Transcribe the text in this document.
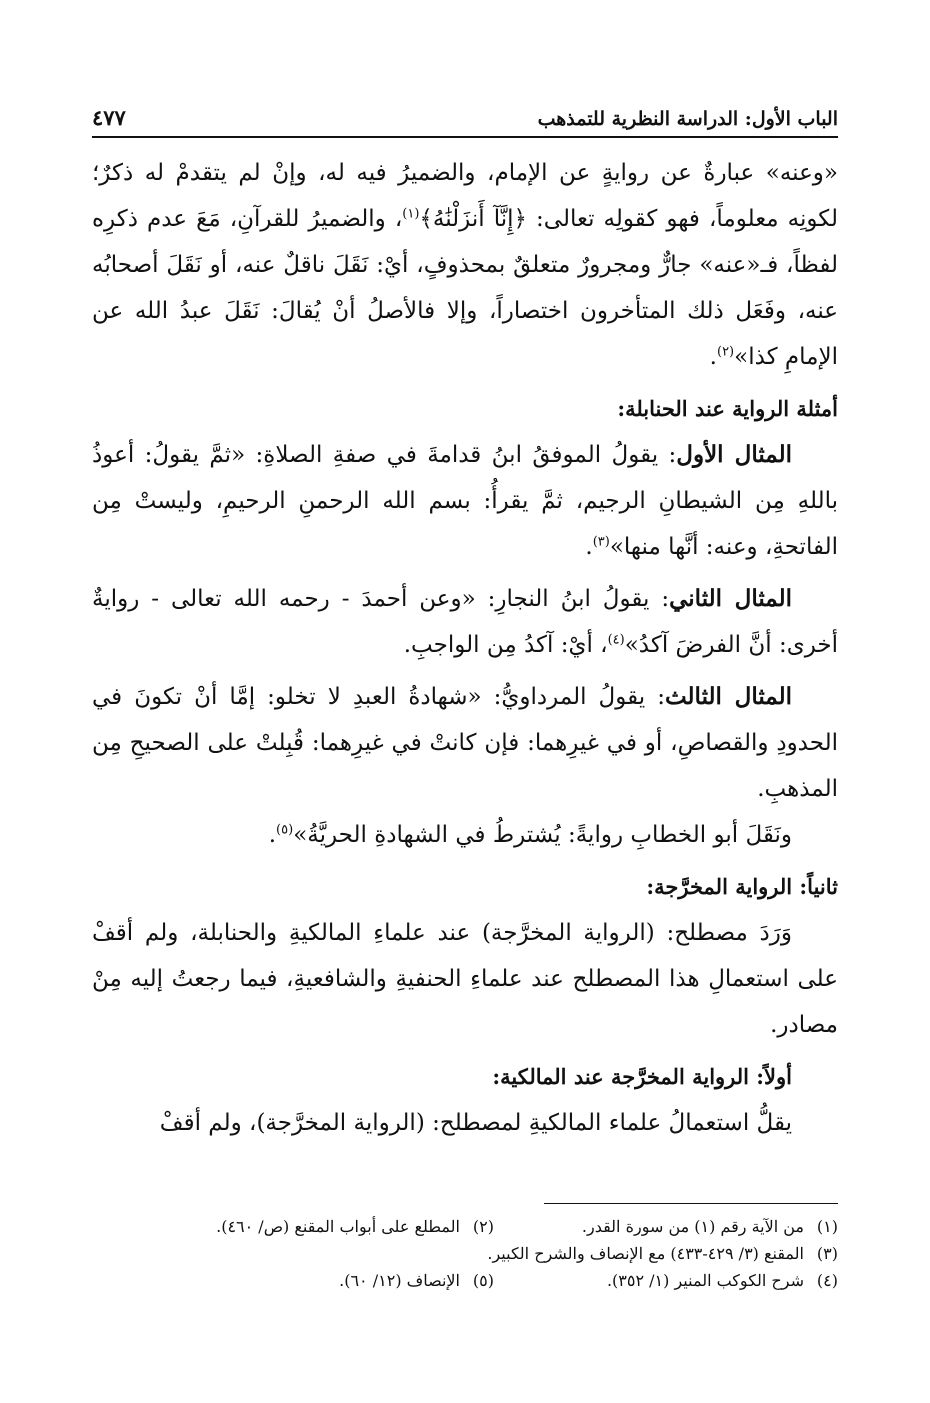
الباب الأول: الدراسة النظرية للتمذهب
٤٧٧

«وعنه» عبارةٌ عن روايةٍ عن الإمام، والضميرُ فيه له، وإنْ لم يتقدمْ له ذكرٌ؛ لكونِه معلوماً، فهو كقولِه تعالى: ﴿إِنَّآ أَنزَلْنَٰهُ﴾$^{(١)}$، والضميرُ للقرآنِ، مَعَ عدم ذكرِه لفظاً، فـ«عنه» جارٌّ ومجرورٌ متعلقٌ بمحذوفٍ، أيْ: نَقَلَ ناقلٌ عنه، أو نَقَلَ أصحابُه عنه، وفَعَل ذلك المتأخرون اختصاراً، وإلا فالأصلُ أنْ يُقالَ: نَقَلَ عبدُ الله عن الإمامِ كذا»$^{(٢)}$.

أمثلة الرواية عند الحنابلة:

المثال الأول: يقولُ الموفقُ ابنُ قدامةَ في صفةِ الصلاةِ: «ثمَّ يقولُ: أعوذُ باللهِ مِن الشيطانِ الرجيم، ثمَّ يقرأُ: بسم الله الرحمنِ الرحيمِ، وليستْ مِن الفاتحةِ، وعنه: أنَّها منها»$^{(٣)}$.

المثال الثاني: يقولُ ابنُ النجارِ: «وعن أحمدَ - رحمه الله تعالى - روايةٌ أخرى: أنَّ الفرضَ آكدُ»$^{(٤)}$، أيْ: آكدُ مِن الواجبِ.

المثال الثالث: يقولُ المرداويُّ: «شهادةُ العبدِ لا تخلو: إمَّا أنْ تكونَ في الحدودِ والقصاصِ، أو في غيرِهما: فإن كانتْ في غيرِهما: قُبِلتْ على الصحيحِ مِن المذهبِ.

ونَقَلَ أبو الخطابِ روايةً: يُشترطُ في الشهادةِ الحريَّةُ»$^{(٥)}$.

ثانياً: الرواية المخرَّجة:

وَرَدَ مصطلح: (الرواية المخرَّجة) عند علماءِ المالكيةِ والحنابلة، ولم أقفْ على استعمالِ هذا المصطلح عند علماءِ الحنفيةِ والشافعيةِ، فيما رجعتُ إليه مِنْ مصادر.

أولاً: الرواية المخرَّجة عند المالكية:

يقلُّ استعمالُ علماء المالكيةِ لمصطلح: (الرواية المخرَّجة)، ولم أقفْ

(١)من الآية رقم (١) من سورة القدر.(٢)المطلع على أبواب المقنع (ص/ ٤٦٠).
(٣)المقنع (٣/ ٤٢٩-٤٣٣) مع الإنصاف والشرح الكبير.
(٤)شرح الكوكب المنير (١/ ٣٥٢).(٥)الإنصاف (١٢/ ٦٠).
